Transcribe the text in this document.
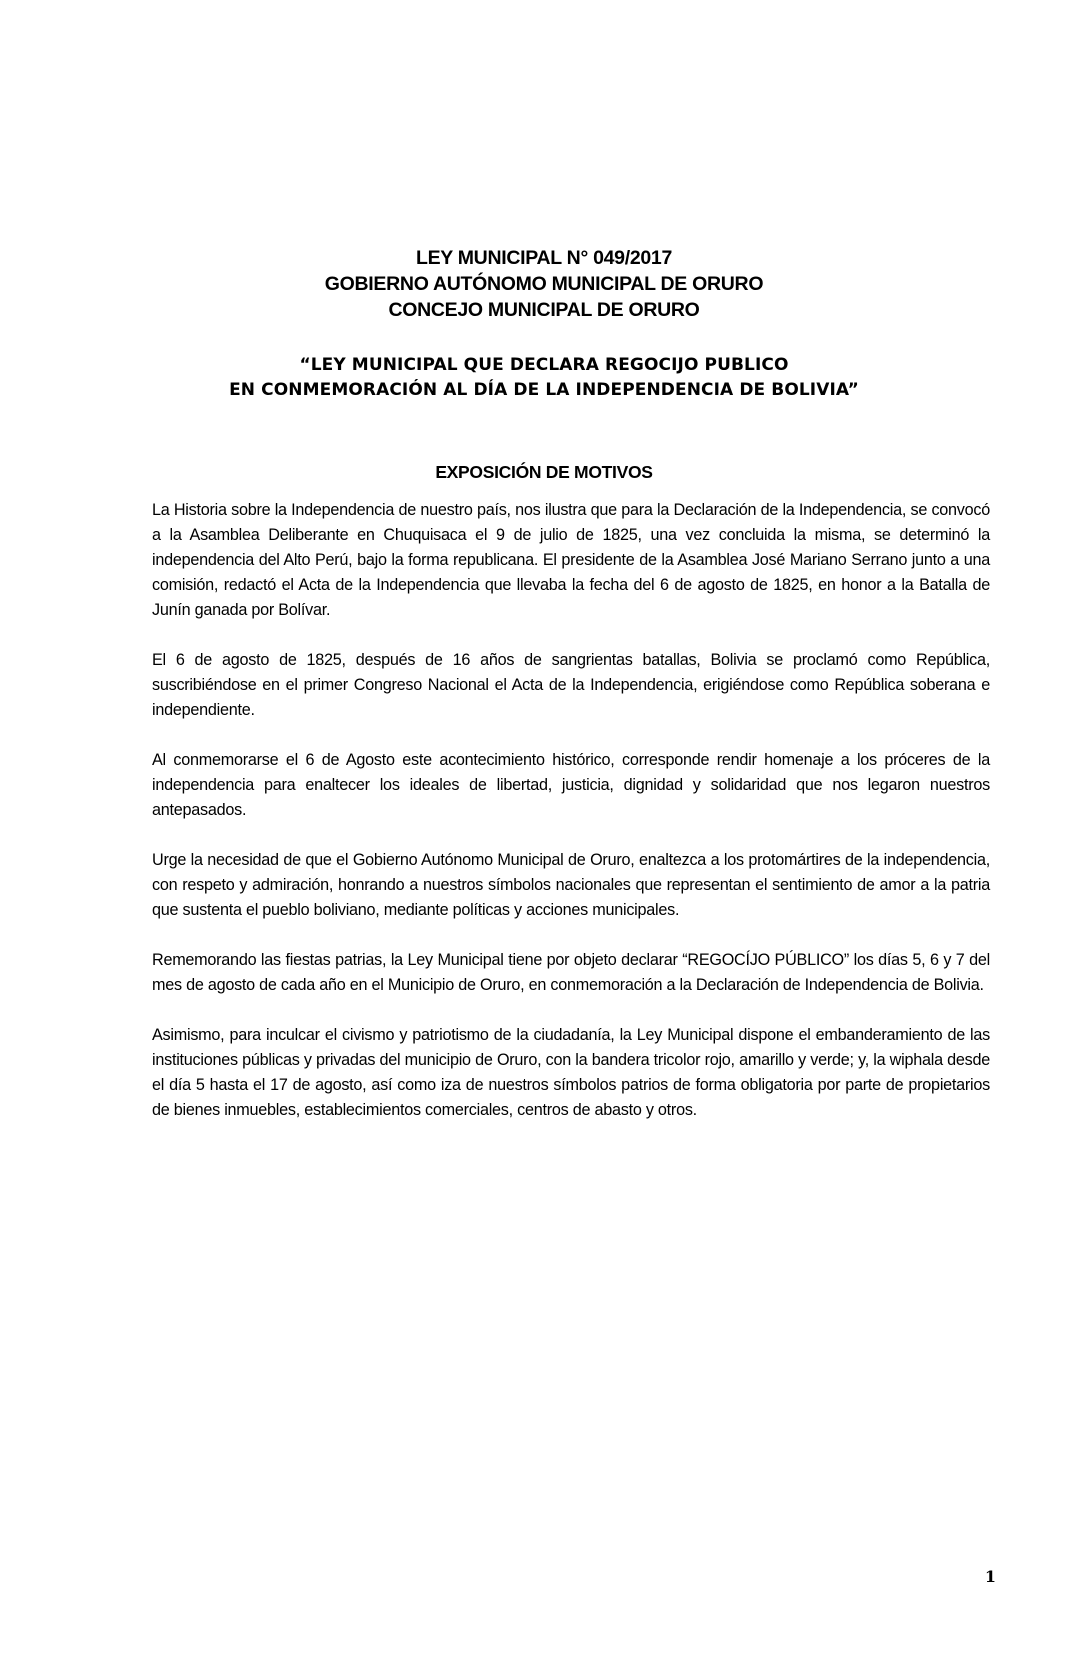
LEY MUNICIPAL N° 049/2017
GOBIERNO AUTÓNOMO MUNICIPAL DE ORURO
CONCEJO MUNICIPAL DE ORURO
“LEY MUNICIPAL QUE DECLARA REGOCIJO PUBLICO
EN CONMEMORACIÓN AL DÍA DE LA INDEPENDENCIA DE BOLIVIA”
EXPOSICIÓN DE MOTIVOS

La Historia sobre la Independencia de nuestro país, nos ilustra que para la Declaración de la Independencia, se convocó a la Asamblea Deliberante en Chuquisaca el 9 de julio de 1825, una vez concluida la misma, se determinó la independencia del Alto Perú, bajo la forma republicana. El presidente de la Asamblea José Mariano Serrano junto a una comisión, redactó el Acta de la Independencia que llevaba la fecha del 6 de agosto de 1825, en honor a la Batalla de Junín ganada por Bolívar.

El 6 de agosto de 1825, después de 16 años de sangrientas batallas, Bolivia se proclamó como República, suscribiéndose en el primer Congreso Nacional el Acta de la Independencia, erigiéndose como República soberana e independiente.

Al conmemorarse el 6 de Agosto este acontecimiento histórico, corresponde rendir homenaje a los próceres de la independencia para enaltecer los ideales de libertad, justicia, dignidad y solidaridad que nos legaron nuestros antepasados.

Urge la necesidad de que el Gobierno Autónomo Municipal de Oruro, enaltezca a los protomártires de la independencia, con respeto y admiración, honrando a nuestros símbolos nacionales que representan el sentimiento de amor a la patria que sustenta el pueblo boliviano, mediante políticas y acciones municipales.

Rememorando las fiestas patrias, la Ley Municipal tiene por objeto declarar “REGOCÍJO PÚBLICO” los días 5, 6 y 7 del mes de agosto de cada año en el Municipio de Oruro, en conmemoración a la Declaración de Independencia de Bolivia.

Asimismo, para inculcar el civismo y patriotismo de la ciudadanía, la Ley Municipal dispone el embanderamiento de las instituciones públicas y privadas del municipio de Oruro, con la bandera tricolor rojo, amarillo y verde; y, la wiphala desde el día 5 hasta el 17 de agosto, así como iza de nuestros símbolos patrios de forma obligatoria por parte de propietarios de bienes inmuebles, establecimientos comerciales, centros de abasto y otros.

1
